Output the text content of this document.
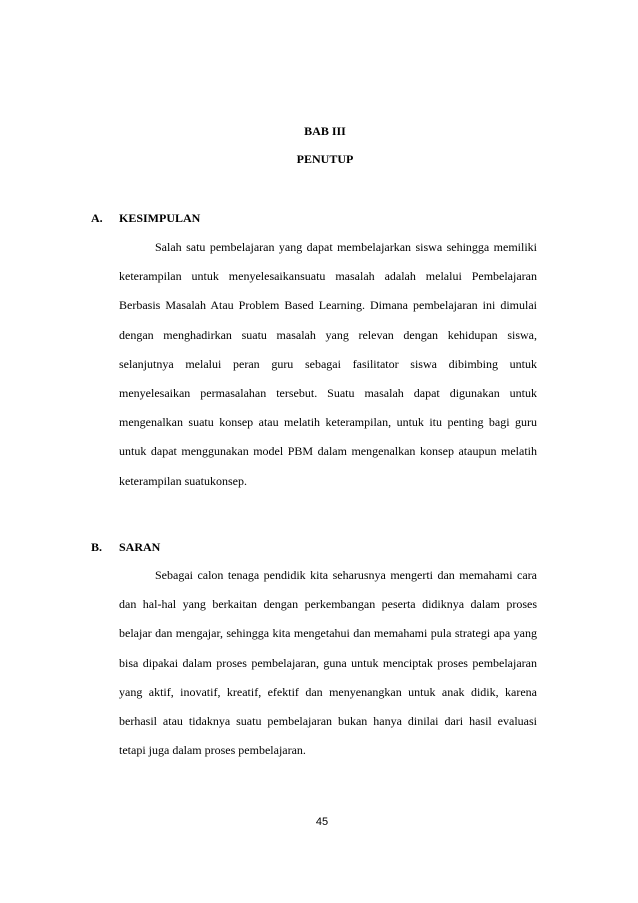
BAB III
PENUTUP
A. KESIMPULAN

Salah satu pembelajaran yang dapat membelajarkan siswa sehingga memiliki keterampilan untuk menyelesaikansuatu masalah adalah melalui Pembelajaran Berbasis Masalah Atau Problem Based Learning. Dimana pembelajaran ini dimulai dengan menghadirkan suatu masalah yang relevan dengan kehidupan siswa, selanjutnya melalui peran guru sebagai fasilitator siswa dibimbing untuk menyelesaikan permasalahan tersebut. Suatu masalah dapat digunakan untuk mengenalkan suatu konsep atau melatih keterampilan, untuk itu penting bagi guru untuk dapat menggunakan model PBM dalam mengenalkan konsep ataupun melatih keterampilan suatukonsep.

B. SARAN

Sebagai calon tenaga pendidik kita seharusnya mengerti dan memahami cara dan hal-hal yang berkaitan dengan perkembangan peserta didiknya dalam proses belajar dan mengajar, sehingga kita mengetahui dan memahami pula strategi apa yang bisa dipakai dalam proses pembelajaran, guna untuk menciptak proses pembelajaran yang aktif, inovatif, kreatif, efektif dan menyenangkan untuk anak didik, karena berhasil atau tidaknya suatu pembelajaran bukan hanya dinilai dari hasil evaluasi tetapi juga dalam proses pembelajaran.

45
